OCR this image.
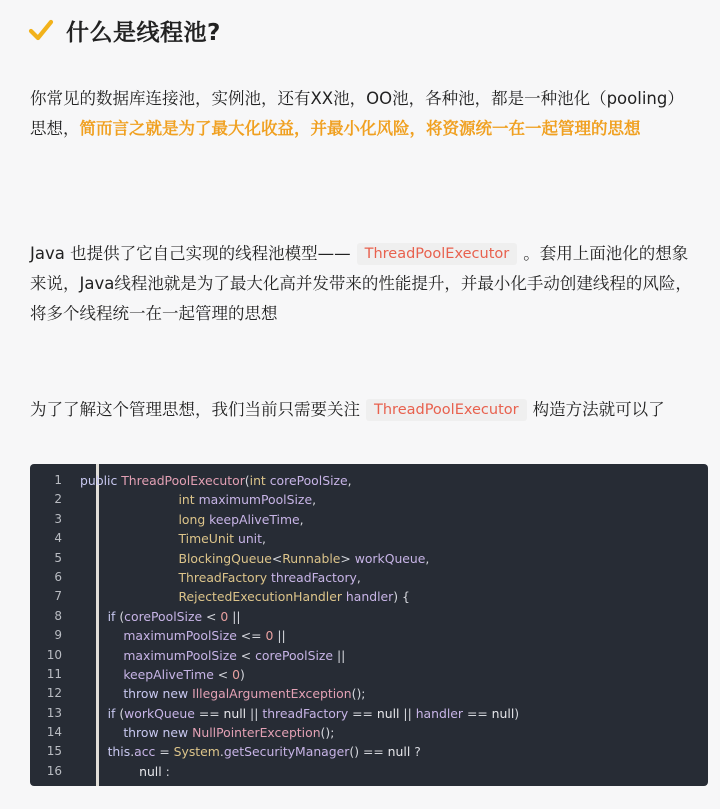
什么是线程池?

你常见的数据库连接池，实例池，还有XX池，OO池，各种池，都是一种池化（pooling）思想，简而言之就是为了最大化收益，并最小化风险，将资源统一在一起管理的思想

Java 也提供了它自己实现的线程池模型—— ThreadPoolExecutor 。套用上面池化的想象来说，Java线程池就是为了最大化高并发带来的性能提升，并最小化手动创建线程的风险，将多个线程统一在一起管理的思想

为了了解这个管理思想，我们当前只需要关注 ThreadPoolExecutor 构造方法就可以了

1 public ThreadPoolExecutor(int corePoolSize,
2	int maximumPoolSize,
3	long keepAliveTime,
4	TimeUnit unit,
5	BlockingQueue<Runnable> workQueue,
6	ThreadFactory threadFactory,
7	RejectedExecutionHandler handler) {
8	if (corePoolSize < 0 ||
9	maximumPoolSize <= 0 ||
10	maximumPoolSize < corePoolSize ||
11	keepAliveTime < 0)
12	throw new IllegalArgumentException();
13	if (workQueue == null || threadFactory == null || handler == null)
14	throw new NullPointerException();
15	this.acc = System.getSecurityManager() == null ?
16	null :
